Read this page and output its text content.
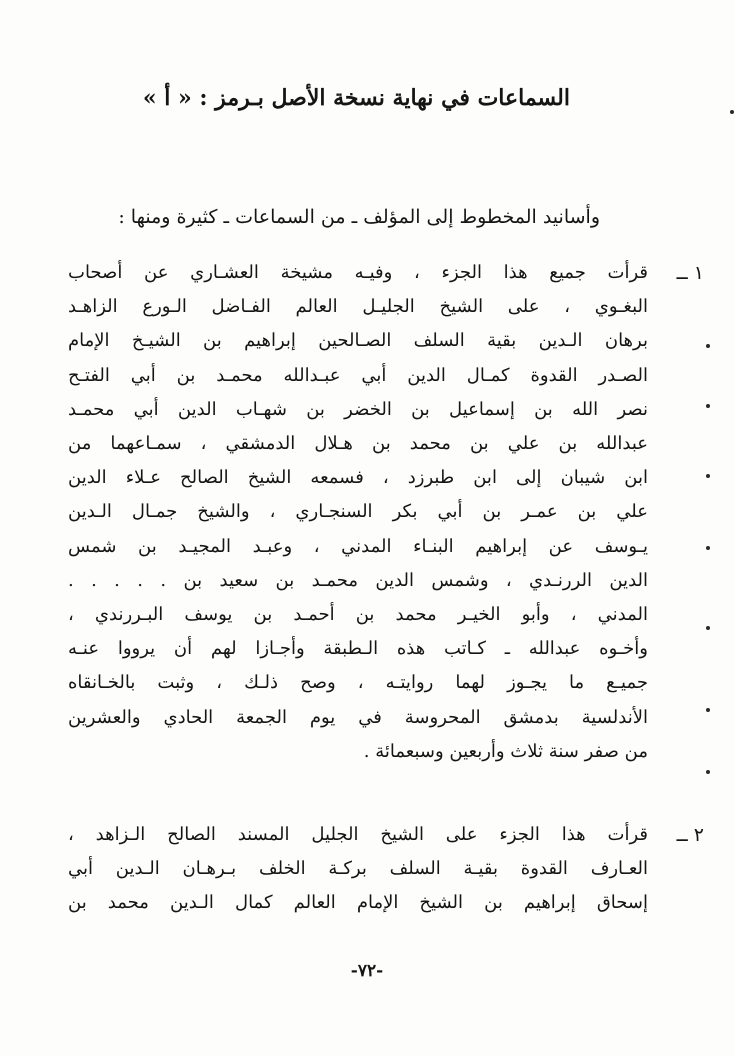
السماعات في نهاية نسخة الأصل بـرمز : « أ »
وأسانيد المخطوط إلى المؤلف ـ من السماعات ـ كثيرة ومنها :
١ ــ
قرأت جميع هذا الجزء ، وفيـه مشيخة العشـاري عن أصحاب
البغـوي ، على الشيخ الجليـل العالم الفـاضل الـورع الزاهـد
برهان الـدين بقية السلف الصـالحين إبراهيم بن الشيـخ الإمام
الصـدر القدوة كمـال الدين أبي عبـدالله محمـد بن أبي الفتـح
نصر الله بن إسماعيل بن الخضر بن شهـاب الدين أبي محمـد
عبدالله بن علي بن محمد بن هـلال الدمشقي ، سمـاعهما من
ابن شيبان إلى ابن طبرزد ، فسمعه الشيخ الصالح عـلاء الدين
علي بن عمـر بن أبي بكر السنجـاري ، والشيخ جمـال الـدين
يـوسف عن إبراهيم البنـاء المدني ، وعبـد المجيـد بن شمس
الدين الررنـدي ، وشمس الدين محمـد بن سعيد بن . . . . .
المدني ، وأبو الخيـر محمد بن أحمـد بن يوسف البـررندي ،
وأخـوه عبدالله ـ كـاتب هذه الـطبقة وأجـازا لهم أن يرووا عنـه
جميـع ما يجـوز لهما روايتـه ، وصح ذلـك ، وثبت بالخـانقاه
الأندلسية بدمشق المحروسة في يوم الجمعة الحادي والعشرين
من صفر سنة ثلاث وأربعين وسبعمائة .
٢ ــ
قرأت هذا الجزء على الشيخ الجليل المسند الصالح الـزاهد ،
العـارف القدوة بقيـة السلف بركـة الخلف بـرهـان الـدين أبي
إسحاق إبراهيم بن الشيخ الإمام العالم كمال الـدين محمد بن
-٧٢-
